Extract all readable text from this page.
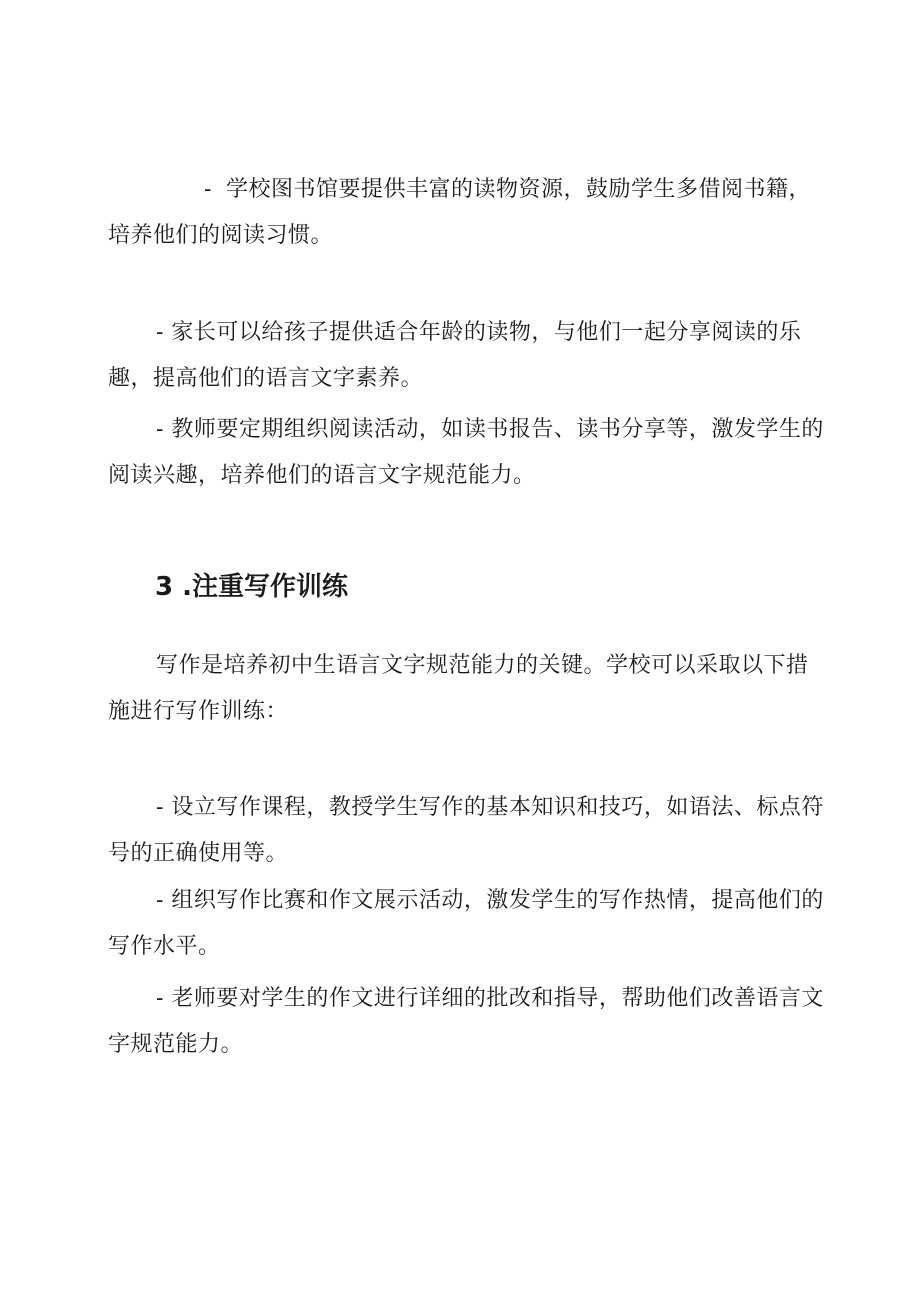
- 学校图书馆要提供丰富的读物资源，鼓励学生多借阅书籍，培养他们的阅读习惯。

- 家长可以给孩子提供适合年龄的读物，与他们一起分享阅读的乐趣，提高他们的语言文字素养。

- 教师要定期组织阅读活动，如读书报告、读书分享等，激发学生的阅读兴趣，培养他们的语言文字规范能力。

3 .注重写作训练

写作是培养初中生语言文字规范能力的关键。学校可以采取以下措施进行写作训练：

- 设立写作课程，教授学生写作的基本知识和技巧，如语法、标点符号的正确使用等。

- 组织写作比赛和作文展示活动，激发学生的写作热情，提高他们的写作水平。

- 老师要对学生的作文进行详细的批改和指导，帮助他们改善语言文字规范能力。
